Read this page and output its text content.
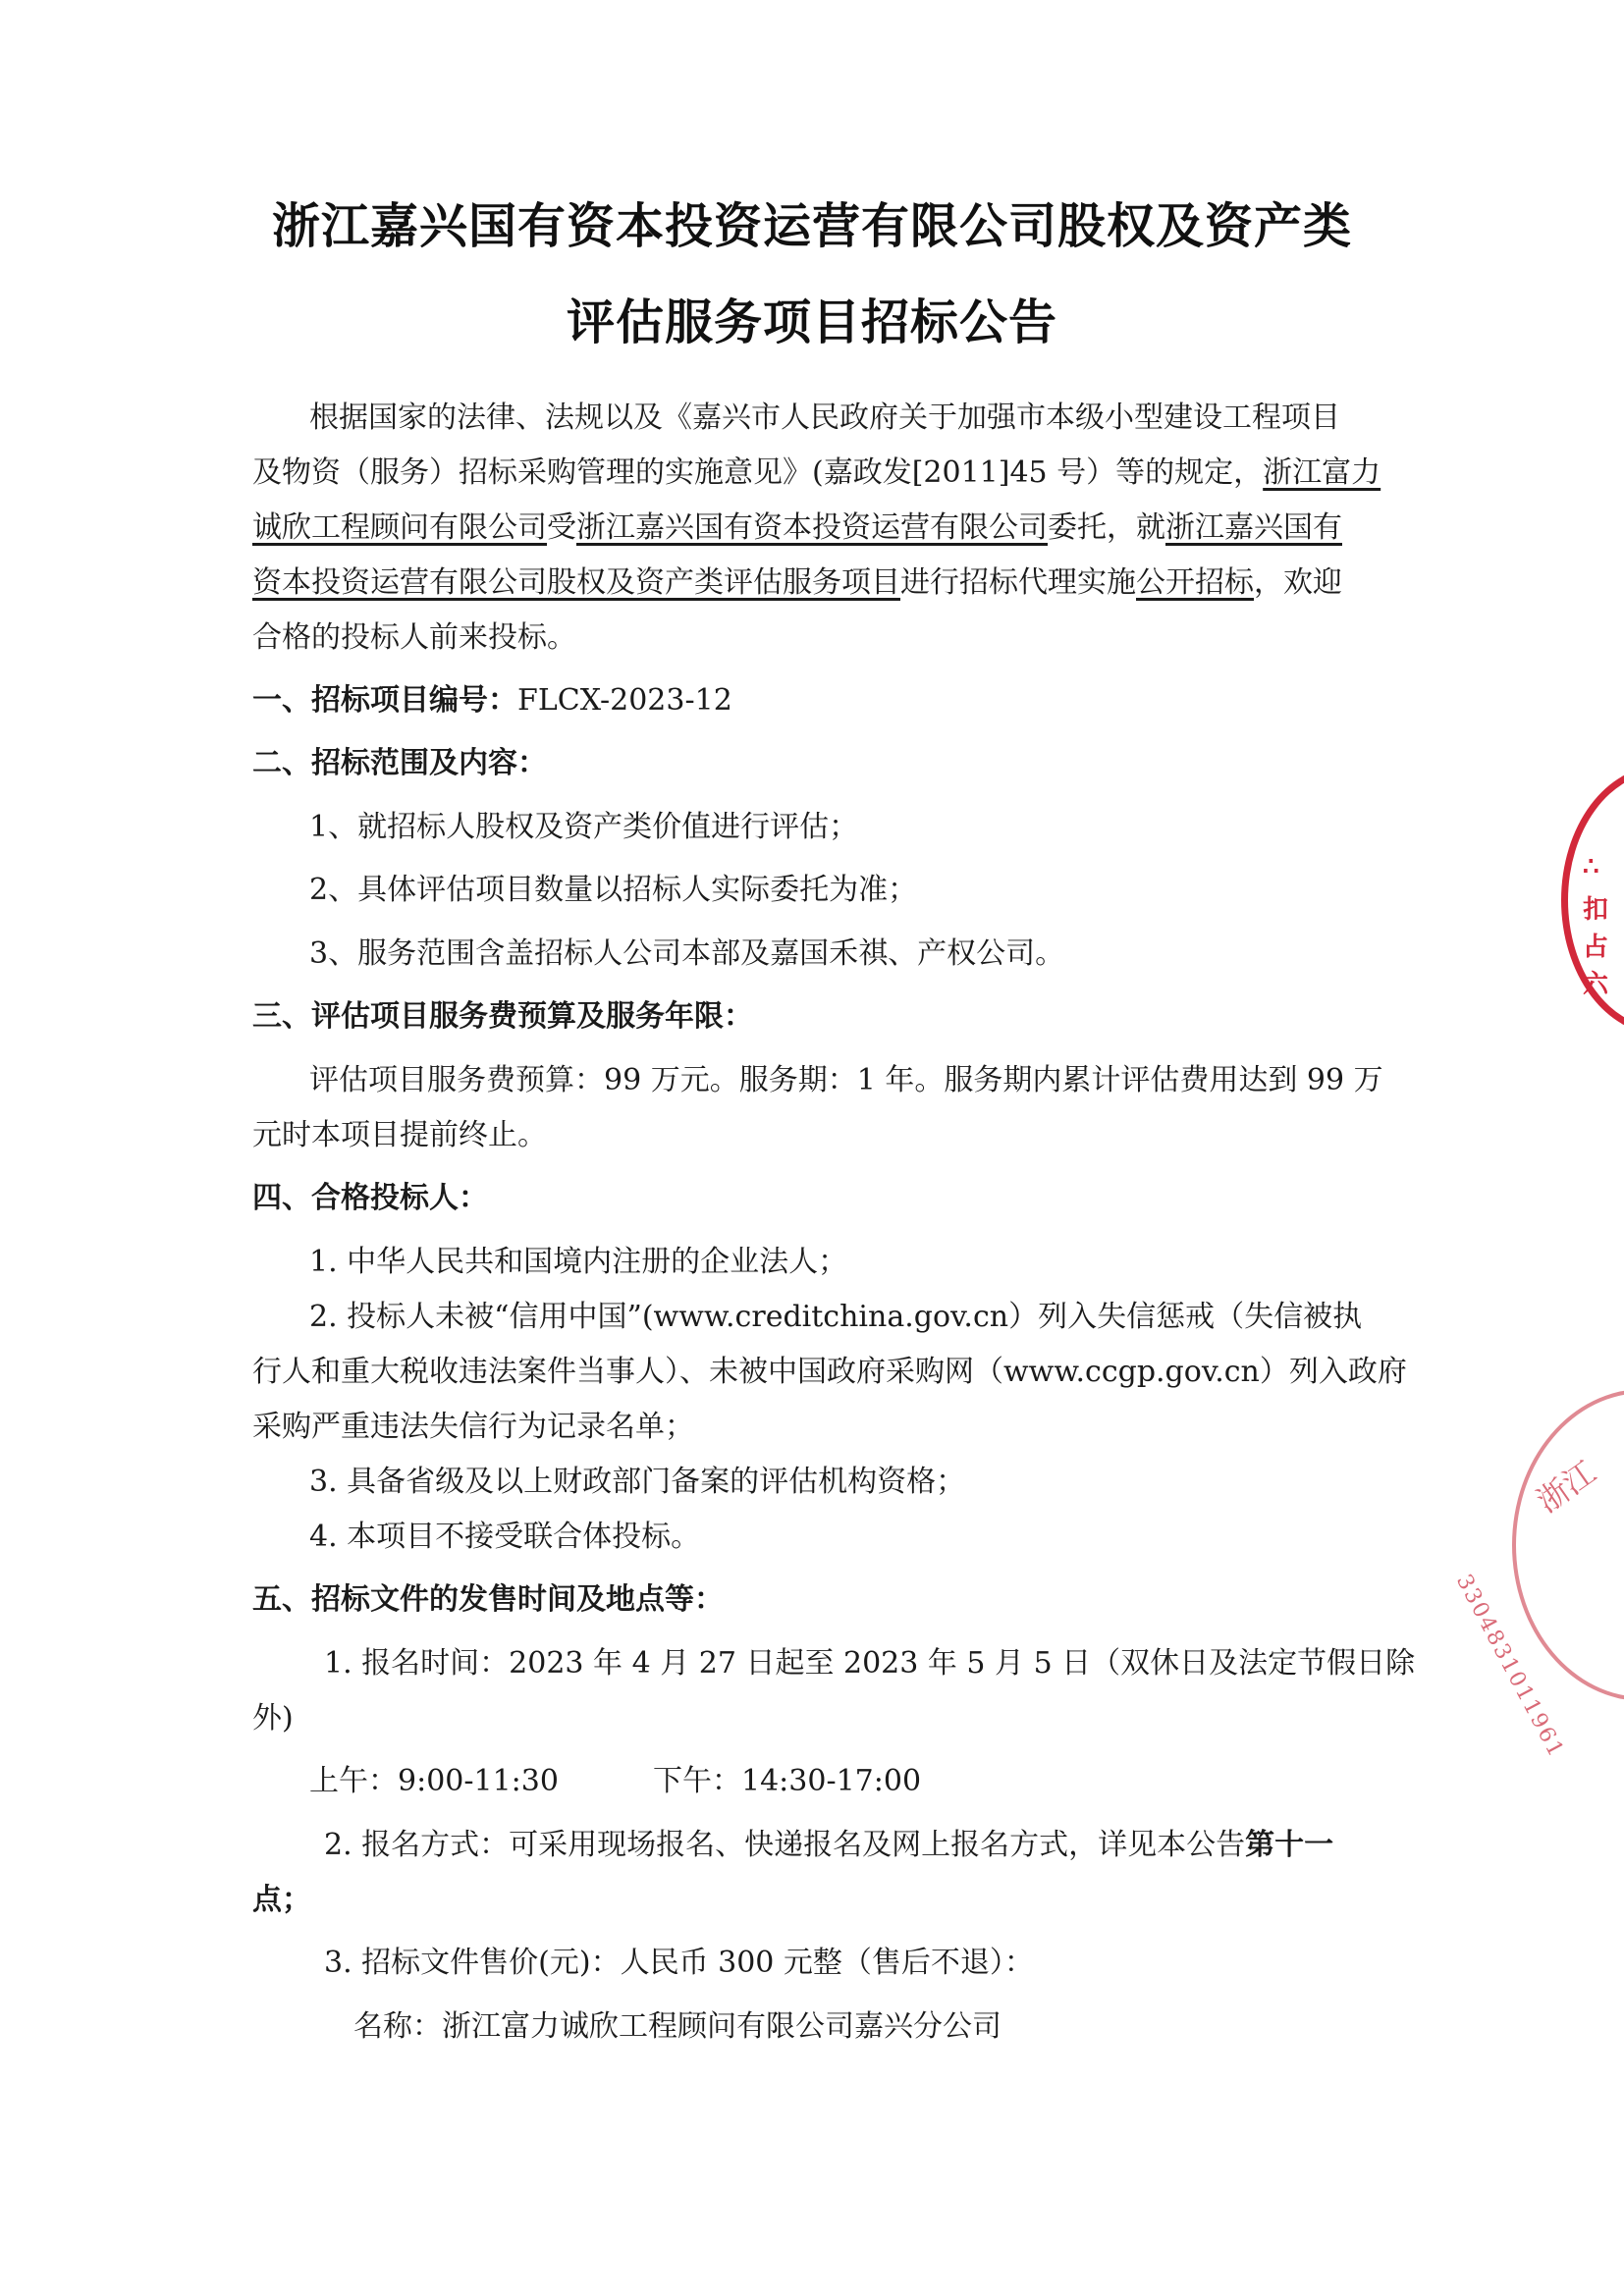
浙江嘉兴国有资本投资运营有限公司股权及资产类
评估服务项目招标公告
根据国家的法律、法规以及《嘉兴市人民政府关于加强市本级小型建设工程项目
及物资（服务）招标采购管理的实施意见》(嘉政发[2011]45 号）等的规定，浙江富力
诚欣工程顾问有限公司受浙江嘉兴国有资本投资运营有限公司委托，就浙江嘉兴国有
资本投资运营有限公司股权及资产类评估服务项目进行招标代理实施公开招标，欢迎
合格的投标人前来投标。
一、招标项目编号：FLCX-2023-12
二、招标范围及内容：
1、就招标人股权及资产类价值进行评估；
2、具体评估项目数量以招标人实际委托为准；
3、服务范围含盖招标人公司本部及嘉国禾祺、产权公司。
三、评估项目服务费预算及服务年限：
评估项目服务费预算：99 万元。服务期：1 年。服务期内累计评估费用达到 99 万
元时本项目提前终止。
四、合格投标人：
1. 中华人民共和国境内注册的企业法人；
2. 投标人未被“信用中国”(www.creditchina.gov.cn）列入失信惩戒（失信被执
行人和重大税收违法案件当事人）、未被中国政府采购网（www.ccgp.gov.cn）列入政府
采购严重违法失信行为记录名单；
3. 具备省级及以上财政部门备案的评估机构资格；
4. 本项目不接受联合体投标。
五、招标文件的发售时间及地点等：
1. 报名时间：2023 年 4 月 27 日起至 2023 年 5 月 5 日（双休日及法定节假日除
外)
上午：9:00-11:30	下午：14:30-17:00
2. 报名方式：可采用现场报名、快递报名及网上报名方式，详见本公告第十一
点；
3. 招标文件售价(元)：人民币 300 元整（售后不退）：
名称：浙江富力诚欣工程顾问有限公司嘉兴分公司
∴
扣
占
六
浙江
3304831011961
